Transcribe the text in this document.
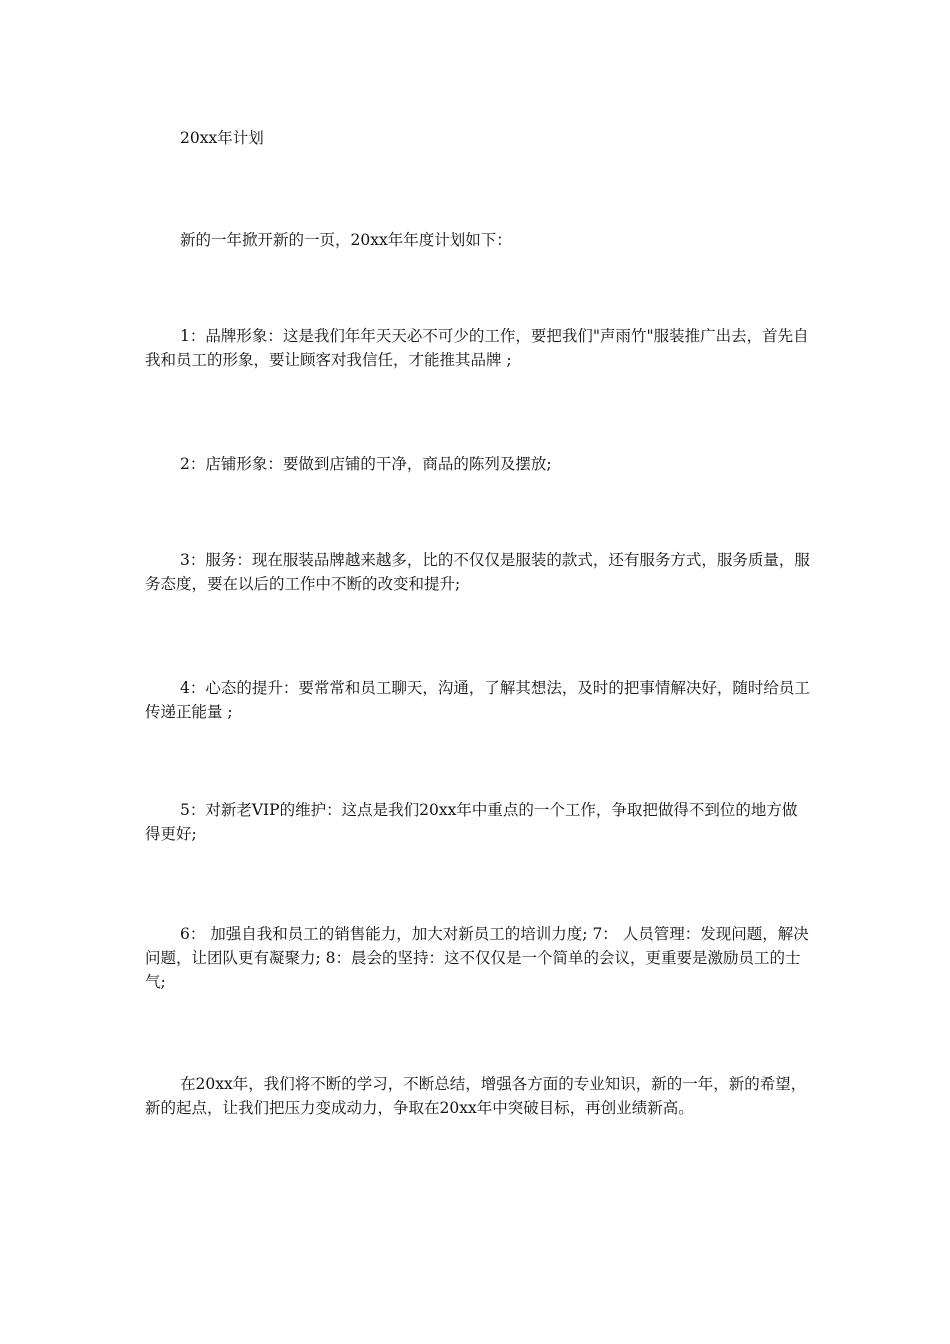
20xx年计划

新的一年掀开新的一页，20xx年年度计划如下：

1：品牌形象：这是我们年年天天必不可少的工作，要把我们"声雨竹"服装推广出去，首先自我和员工的形象，要让顾客对我信任，才能推其品牌 ;

2：店铺形象：要做到店铺的干净，商品的陈列及摆放;

3：服务：现在服装品牌越来越多，比的不仅仅是服装的款式，还有服务方式，服务质量，服务态度，要在以后的工作中不断的改变和提升;

4：心态的提升：要常常和员工聊天，沟通，了解其想法，及时的把事情解决好，随时给员工传递正能量 ;

5：对新老VIP的维护：这点是我们20xx年中重点的一个工作，争取把做得不到位的地方做得更好;

6： 加强自我和员工的销售能力，加大对新员工的培训力度; 7： 人员管理：发现问题，解决问题，让团队更有凝聚力; 8：晨会的坚持：这不仅仅是一个简单的会议，更重要是激励员工的士气;

在20xx年，我们将不断的学习，不断总结，增强各方面的专业知识，新的一年，新的希望，新的起点，让我们把压力变成动力，争取在20xx年中突破目标，再创业绩新高。
